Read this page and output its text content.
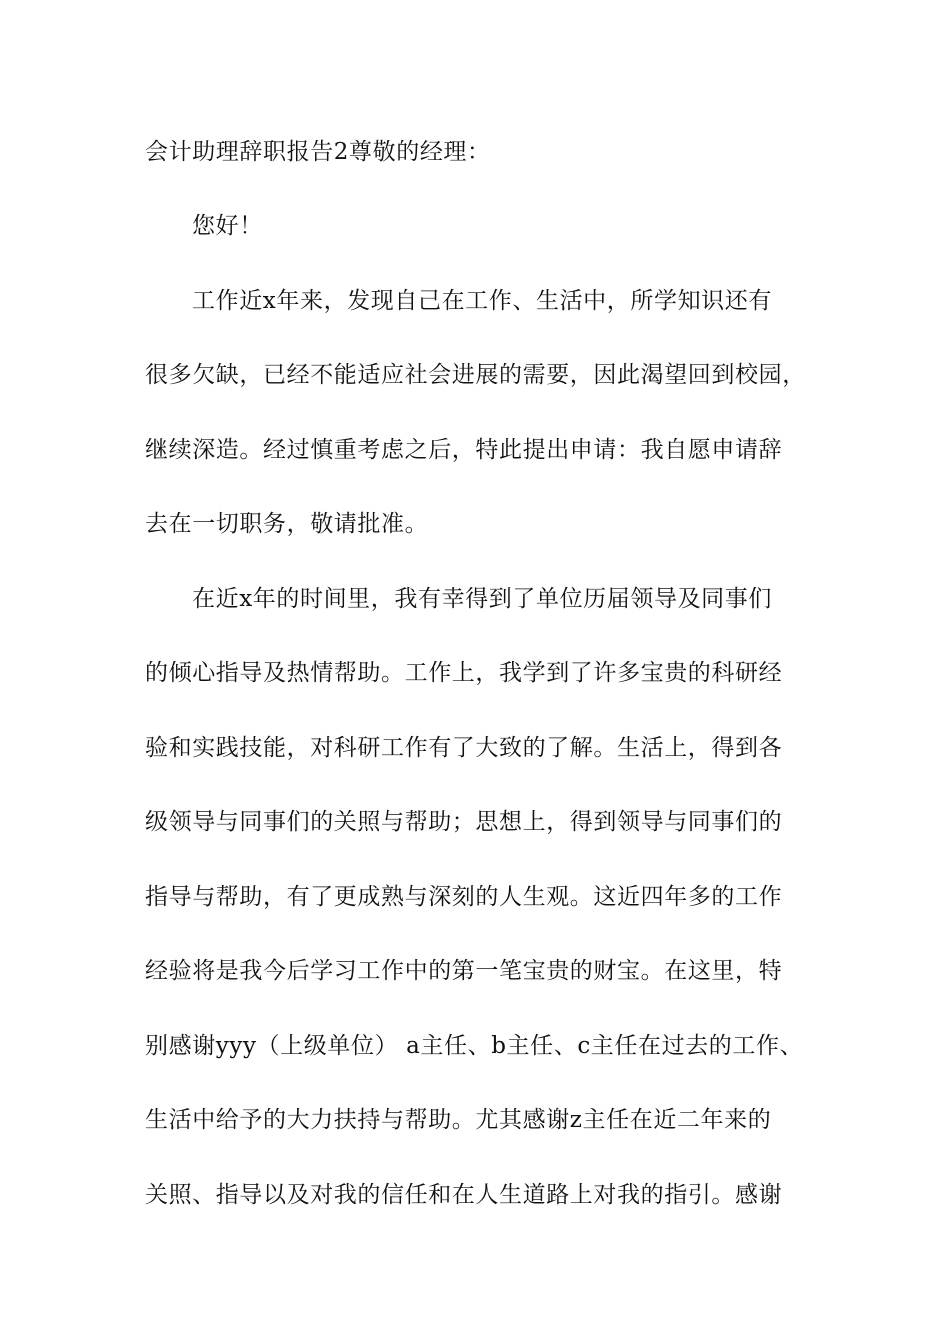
会计助理辞职报告2尊敬的经理：
您好！
工作近x年来，发现自己在工作、生活中，所学知识还有
很多欠缺，已经不能适应社会进展的需要，因此渴望回到校园，
继续深造。经过慎重考虑之后，特此提出申请：我自愿申请辞
去在一切职务，敬请批准。
在近x年的时间里，我有幸得到了单位历届领导及同事们
的倾心指导及热情帮助。工作上，我学到了许多宝贵的科研经
验和实践技能，对科研工作有了大致的了解。生活上，得到各
级领导与同事们的关照与帮助；思想上，得到领导与同事们的
指导与帮助，有了更成熟与深刻的人生观。这近四年多的工作
经验将是我今后学习工作中的第一笔宝贵的财宝。在这里，特
别感谢yyy（上级单位） a主任、b主任、c主任在过去的工作、
生活中给予的大力扶持与帮助。尤其感谢z主任在近二年来的
关照、指导以及对我的信任和在人生道路上对我的指引。感谢
